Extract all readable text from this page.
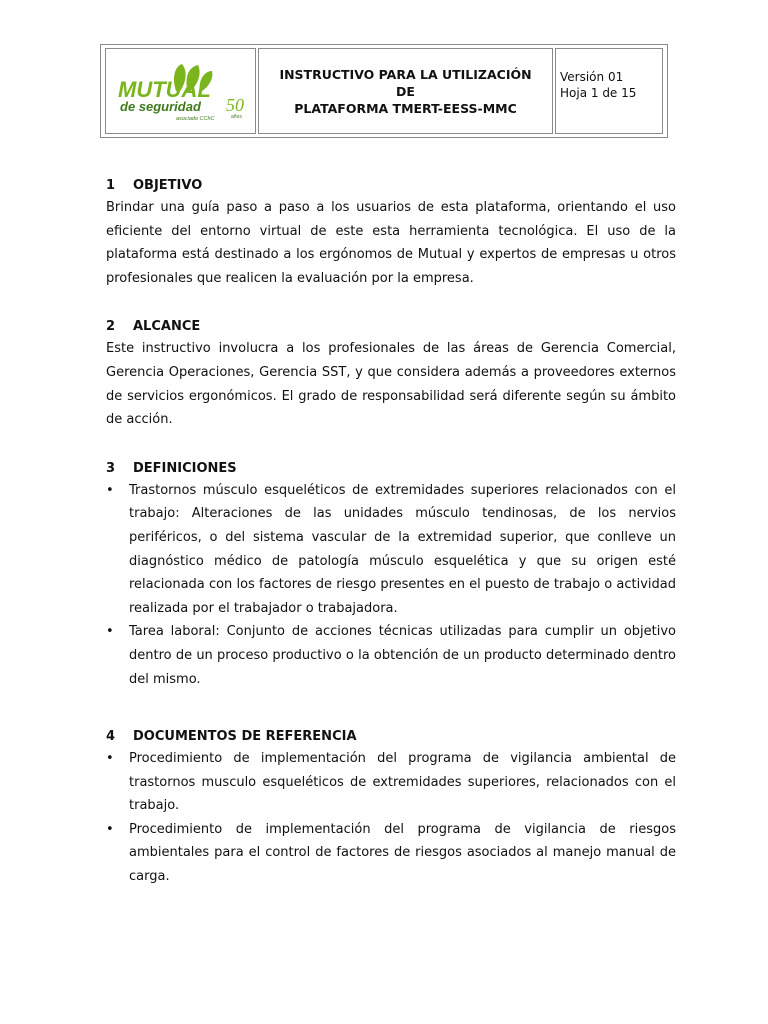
MUTUAL
de seguridad 50
años
asociado CChC
INSTRUCTIVO PARA LA UTILIZACIÓN DE
PLATAFORMA TMERT-EESS-MMC
Versión 01
Hoja 1 de 15
1	OBJETIVO

Brindar una guía paso a paso a los usuarios de esta plataforma, orientando el uso eficiente del entorno virtual de este esta herramienta tecnológica. El uso de la plataforma está destinado a los ergónomos de Mutual y expertos de empresas u otros profesionales que realicen la evaluación por la empresa.

2	ALCANCE

Este instructivo involucra a los profesionales de las áreas de Gerencia Comercial, Gerencia Operaciones, Gerencia SST, y que considera además a proveedores externos de servicios ergonómicos. El grado de responsabilidad será diferente según su ámbito de acción.

3	DEFINICIONES
• Trastornos músculo esqueléticos de extremidades superiores relacionados con el trabajo: Alteraciones de las unidades músculo tendinosas, de los nervios periféricos, o del sistema vascular de la extremidad superior, que conlleve un diagnóstico médico de patología músculo esquelética y que su origen esté relacionada con los factores de riesgo presentes en el puesto de trabajo o actividad realizada por el trabajador o trabajadora.
• Tarea laboral: Conjunto de acciones técnicas utilizadas para cumplir un objetivo dentro de un proceso productivo o la obtención de un producto determinado dentro del mismo.
4	DOCUMENTOS DE REFERENCIA
• Procedimiento de implementación del programa de vigilancia ambiental de trastornos musculo esqueléticos de extremidades superiores, relacionados con el trabajo.
• Procedimiento de implementación del programa de vigilancia de riesgos ambientales para el control de factores de riesgos asociados al manejo manual de carga.
